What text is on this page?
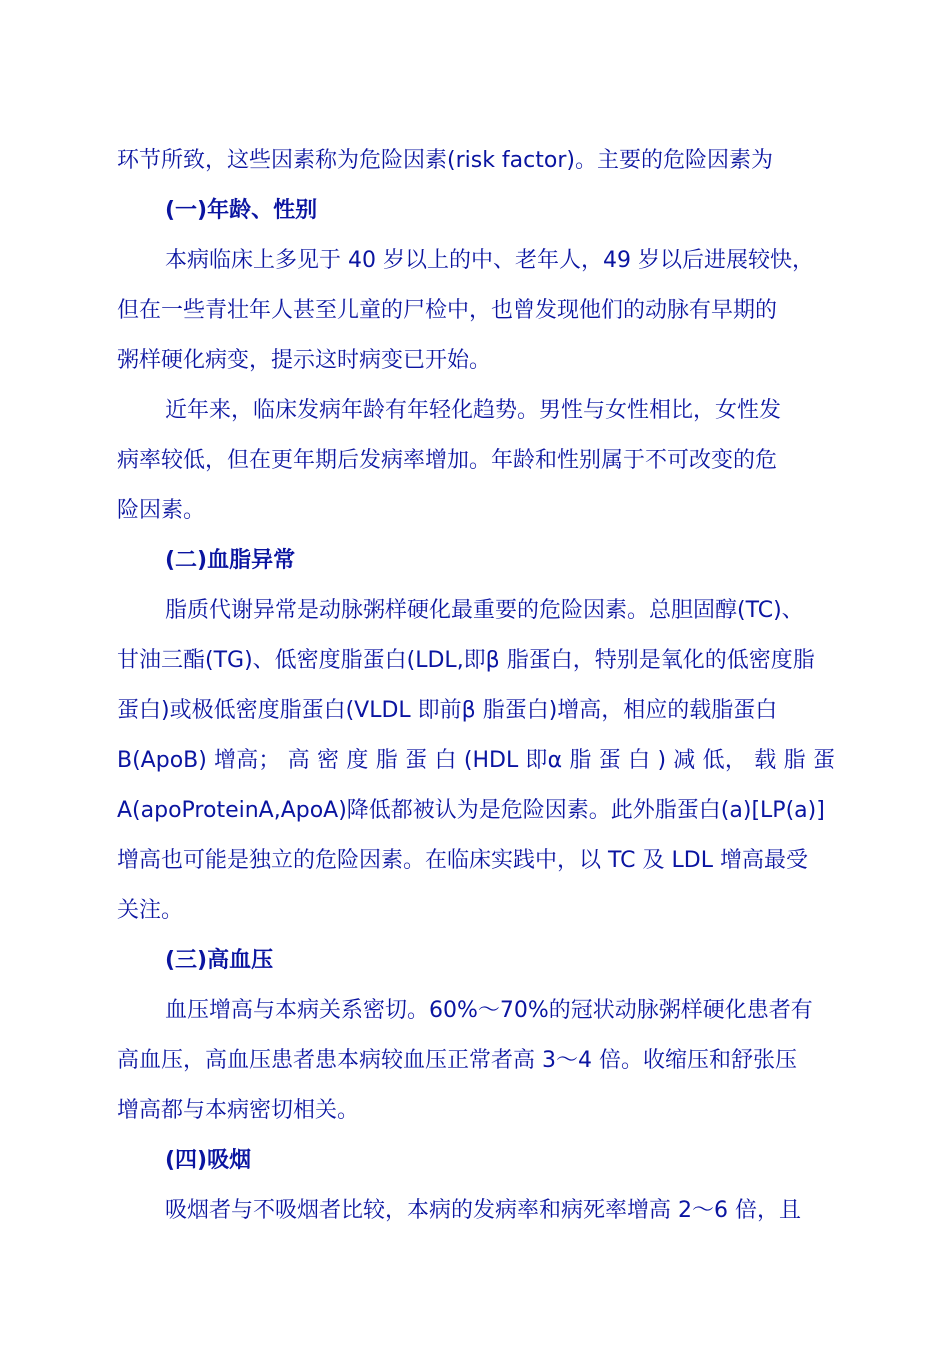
环节所致，这些因素称为危险因素(risk factor)。主要的危险因素为
(一)年龄、性别
本病临床上多见于 40 岁以上的中、老年人，49 岁以后进展较快，
但在一些青壮年人甚至儿童的尸检中，也曾发现他们的动脉有早期的
粥样硬化病变，提示这时病变已开始。
近年来，临床发病年龄有年轻化趋势。男性与女性相比，女性发
病率较低，但在更年期后发病率增加。年龄和性别属于不可改变的危
险因素。
(二)血脂异常
脂质代谢异常是动脉粥样硬化最重要的危险因素。总胆固醇(TC)、
甘油三酯(TG)、低密度脂蛋白(LDL,即β 脂蛋白，特别是氧化的低密度脂
蛋白)或极低密度脂蛋白(VLDL 即前β 脂蛋白)增高，相应的载脂蛋白
B(ApoB) 增高； 高 密 度 脂 蛋 白 (HDL 即α 脂 蛋 白 ) 减 低， 载 脂 蛋
A(apoProteinA,ApoA)降低都被认为是危险因素。此外脂蛋白(a)[LP(a)]
增高也可能是独立的危险因素。在临床实践中，以 TC 及 LDL 增高最受
关注。
(三)高血压
血压增高与本病关系密切。60%～70%的冠状动脉粥样硬化患者有
高血压，高血压患者患本病较血压正常者高 3～4 倍。收缩压和舒张压
增高都与本病密切相关。
(四)吸烟
吸烟者与不吸烟者比较，本病的发病率和病死率增高 2～6 倍，且
